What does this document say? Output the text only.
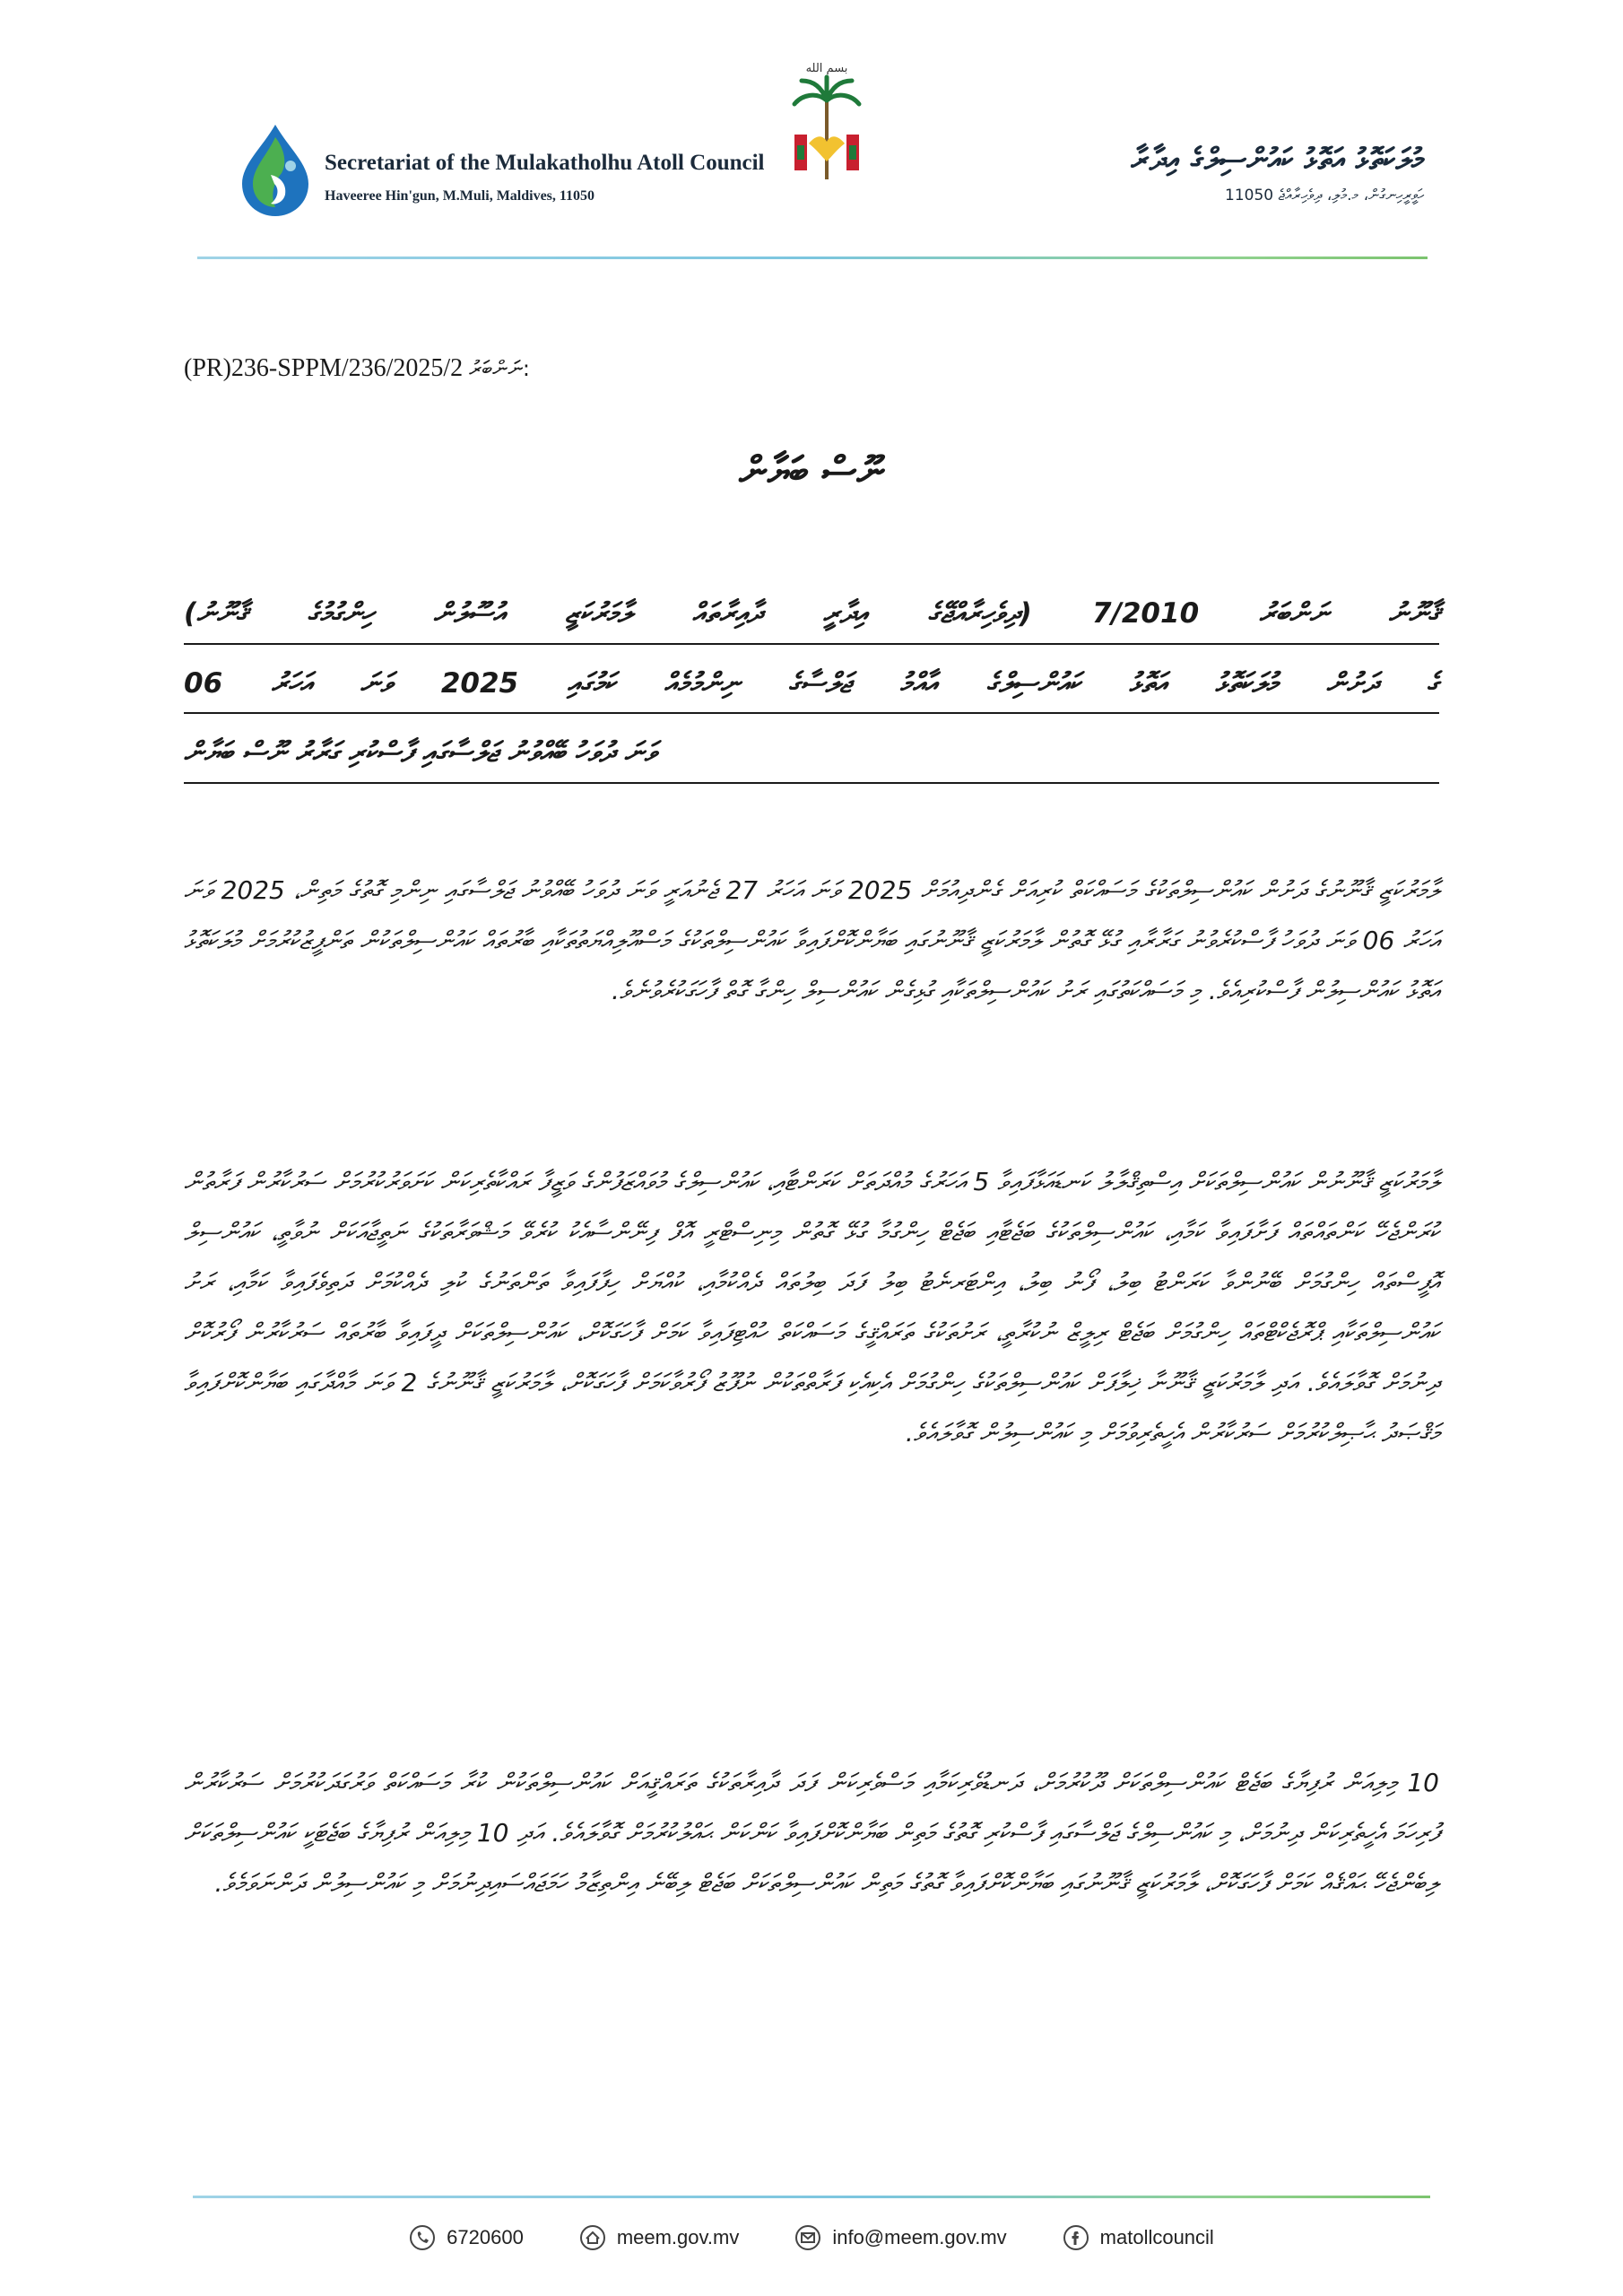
Secretariat of the Mulakatholhu Atoll Council
Haveeree Hin'gun, M.Muli, Maldives, 11050
بسم الله
މުލަކަތޮޅު އަތޮޅު ކައުންސިލްގެ އިދާރާ
ހަވީރީހިނގުން، މ.މުލި، ދިވެހިރާއްޖެ 11050
(PR)236-SPPM/236/2025/2 ނަންބަރު:
ނޫސް ބަޔާން
ޤާނޫނު ނަންބަރު 7/2010 (ދިވެހިރާއްޖޭގެ އިދާރީ ދާއިރާތައް ލާމަރުކަޒީ އުސޫލުން ހިންގުމުގެ ޤާނޫނު)
ގެ ދަށުން މުލަކަތޮޅު އަތޮޅު ކައުންސިލްގެ އާއްމު ޖަލްސާގެ ނިންމުމެއް ކަމުގައި 2025 ވަނަ އަހަރު 06
ވަނަ ދުވަހު ބޭއްވުނު ޖަލްސާގައި ފާސްކުރި ގަރާރު ނޫސް ބަޔާން
ލާމަރުކަޒީ ޤާނޫނުގެ ދަށުން ކައުންސިލްތަކުގެ މަސައްކަތް ކުރިއަށް ގެންދިއުމަށް 2025 ވަނަ އަހަރު 27 ޖެނުއަރީ ވަނަ ދުވަހު ބޭއްވުނު ޖަލްސާގައި ނިންމި ގޮތުގެ މަތިން، 2025 ވަނަ އަހަރު 06 ވަނަ ދުވަހު ފާސްކުރެވުނު ގަރާރާއި ގުޅޭ ގޮތުން ލާމަރުކަޒީ ޤާނޫނުގައި ބަޔާންކޮށްފައިވާ ކައުންސިލްތަކުގެ މަސްއޫލިއްޔަތުތަކާއި ބާރުތައް ކައުންސިލްތަކުން ތަންފީޒުކުރުމަށް މުލަކަތޮޅު އަތޮޅު ކައުންސިލުން ފާސްކުރިއެވެ. މި މަސައްކަތުގައި ރަށު ކައުންސިލްތަކާއި ގުޅިގެން ކައުންސިލް ހިންގާ ގޮތް ފާހަގަކުރެވުނެވެ.
ލާމަރުކަޒީ ޤާނޫނުން ކައުންސިލްތަކަށް އިސްތިޤްލާލު ކަނޑައަޅާފައިވާ 5 އަހަރުގެ މުއްދަތަށް ކަރަންޓާއި، ކައުންސިލްގެ މުވައްޒަފުންގެ ވަޒީފާ ރައްކާތެރިކަން ކަށަވަރުކުރުމަށް ސަރުކާރުން ފަރާތުން ކުރަންޖެހޭ ކަންތައްތައް ފަށާފައިވާ ކަމާއި، ކައުންސިލްތަކުގެ ބަޖެޓާއި ބަޖެޓް ހިންގުމާ ގުޅޭ ގޮތުން މިނިސްޓްރީ އޮފް ފިނޭންސާއެކު ކުރެވޭ މަޝްވަރާތަކުގެ ނަތީޖާއަކަށް ނުވާތީ، ކައުންސިލް އޮފީސްތައް ހިންގުމަށް ބޭނުންވާ ކަރަންޓު ބިލު، ފޯނު ބިލު، އިންޓަރނެޓު ބިލު ފަދަ ބިލުތައް ދެއްކުމާއި، ކުއްޔަށް ހިފާފައިވާ ތަންތަނުގެ ކުލި ދެއްކުމަށް ދަތިވެފައިވާ ކަމާއި، ރަށު ކައުންސިލްތަކާއި ޕްރޮޖެކްޓްތައް ހިންގުމަށް ބަޖެޓް ރިލީޒް ނުކުރާތީ، ރަށުތަކުގެ ތަރައްޤީގެ މަސައްކަތް ހުއްޓިފައިވާ ކަމަށް ފާހަގަކޮށް، ކައުންސިލްތަކަށް ދީފައިވާ ބާރުތައް ސަރުކާރުން ފޯރުކޮށް ދިނުމަށް ގޮވާލައެވެ. އަދި ލާމަރުކަޒީ ޤާނޫނާ ޚިލާފަށް ކައުންސިލްތަކުގެ ހިންގުމަށް އެކިއެކި ފަރާތްތަކުން ނުފޫޒު ފޯރުވާކަމަށް ފާހަގަކޮށް، ލާމަރުކަޒީ ޤާނޫނުގެ 2 ވަނަ މާއްދާގައި ބަޔާންކޮށްފައިވާ މަޤްޞަދު ޙާޞިލްކުރުމަށް ސަރުކާރުން އެހީތެރިވުމަށް މި ކައުންސިލުން ގޮވާލައެވެ.
10 މިލިއަން ރުފިޔާގެ ބަޖެޓް ކައުންސިލްތަކަށް ދޫކުރުމަށް، ދަނޑުވެރިކަމާއި މަސްވެރިކަން ފަދަ ދާއިރާތަކުގެ ތަރައްޤީއަށް ކައުންސިލްތަކުން ކުރާ މަސައްކަތް ވަރުގަދަކުރުމަށް ސަރުކާރުން ފުރިހަމަ އެހީތެރިކަން ދިނުމަށް، މި ކައުންސިލްގެ ޖަލްސާގައި ފާސްކުރި ގޮތުގެ މަތިން ބަޔާންކޮށްފައިވާ ކަންކަން ޙައްލުކުރުމަށް ގޮވާލައެވެ. އަދި 10 މިލިއަން ރުފިޔާގެ ބަޖެޓަކީ ކައުންސިލްތަކަށް ލިބެންޖެހޭ ޙައްޤެއް ކަމަށް ފާހަގަކޮށް، ލާމަރުކަޒީ ޤާނޫނުގައި ބަޔާންކޮށްފައިވާ ގޮތުގެ މަތިން ކައުންސިލްތަކަށް ބަޖެޓް ލިބޭނެ އިންތިޒާމު ހަމަޖައްސައިދިނުމަށް މި ކައުންސިލުން ދަންނަވަމެވެ.
6720600	meem.gov.mv	info@meem.gov.mv	matollcouncil
